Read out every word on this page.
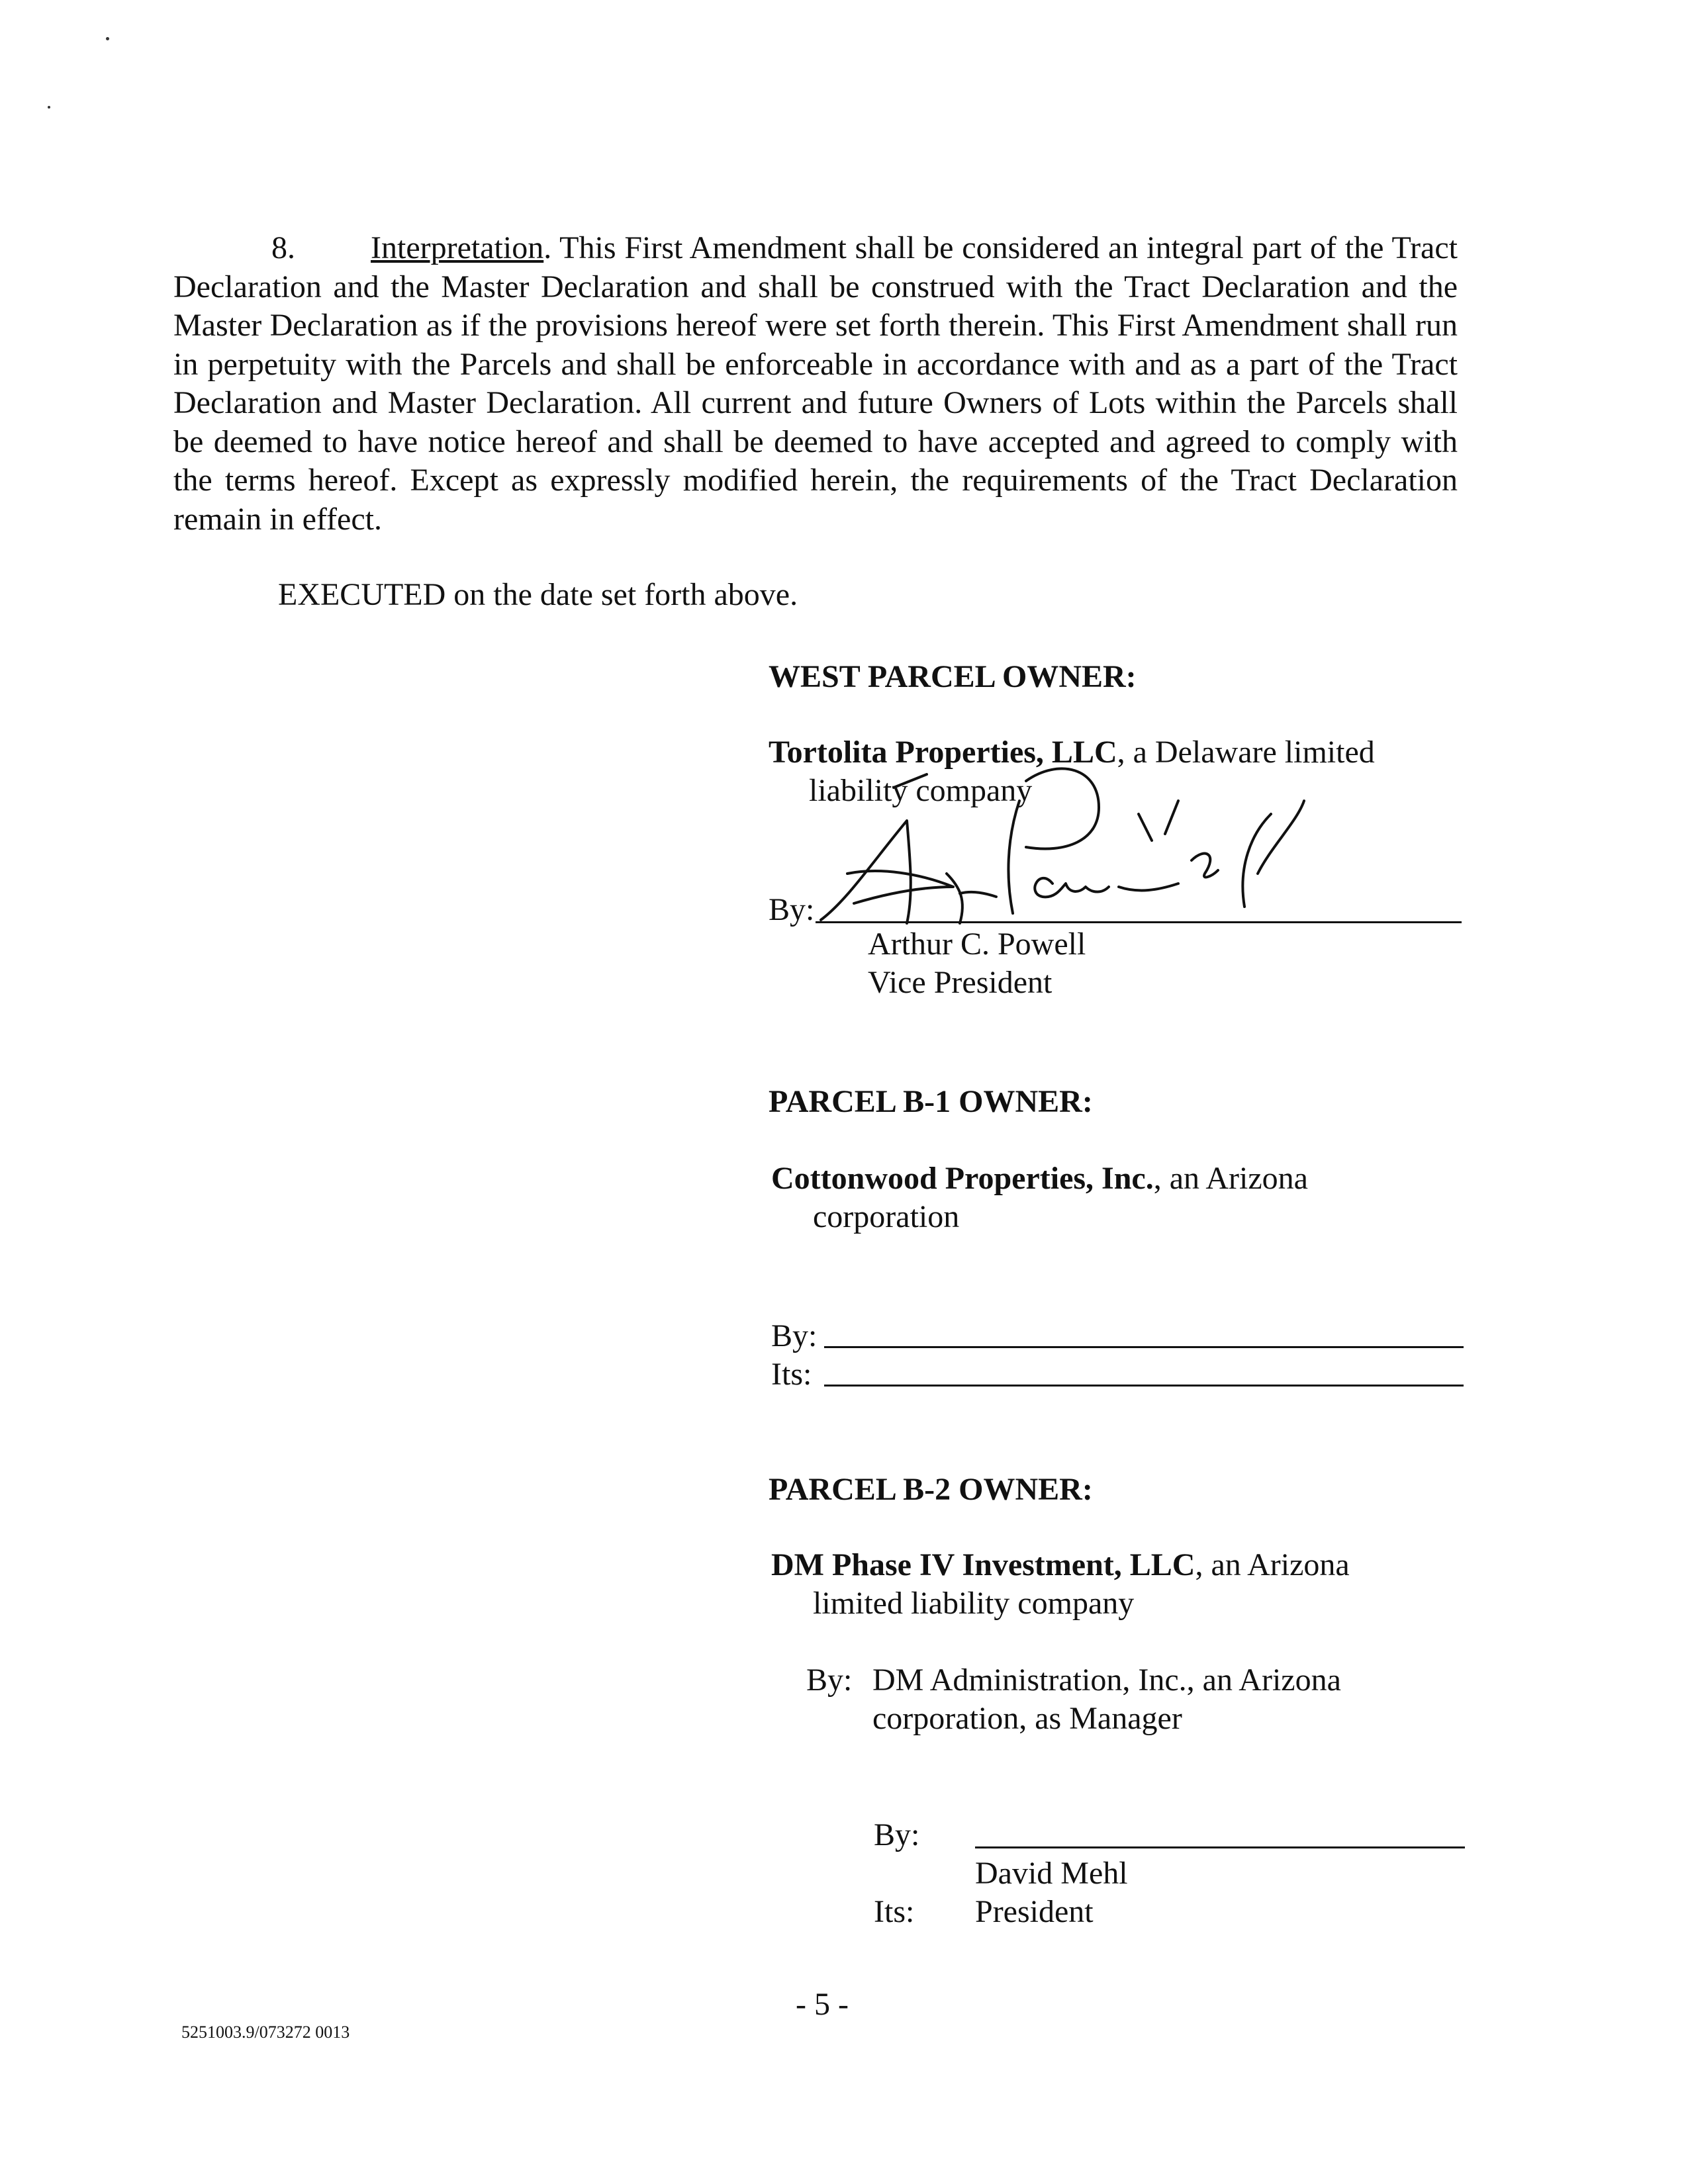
8. Interpretation. This First Amendment shall be considered an integral part of the Tract Declaration and the Master Declaration and shall be construed with the Tract Declaration and the Master Declaration as if the provisions hereof were set forth therein. This First Amendment shall run in perpetuity with the Parcels and shall be enforceable in accordance with and as a part of the Tract Declaration and Master Declaration. All current and future Owners of Lots within the Parcels shall be deemed to have notice hereof and shall be deemed to have accepted and agreed to comply with the terms hereof. Except as expressly modified herein, the requirements of the Tract Declaration remain in effect.
EXECUTED on the date set forth above.
WEST PARCEL OWNER:
Tortolita Properties, LLC, a Delaware limited
liability company
By:
Arthur C. Powell
Vice President
PARCEL B-1 OWNER:
Cottonwood Properties, Inc., an Arizona
corporation
By:
Its:
PARCEL B-2 OWNER:
DM Phase IV Investment, LLC, an Arizona
limited liability company
By: DM Administration, Inc., an Arizona
corporation, as Manager
By:
David Mehl
Its: President
- 5 -
5251003.9/073272 0013
